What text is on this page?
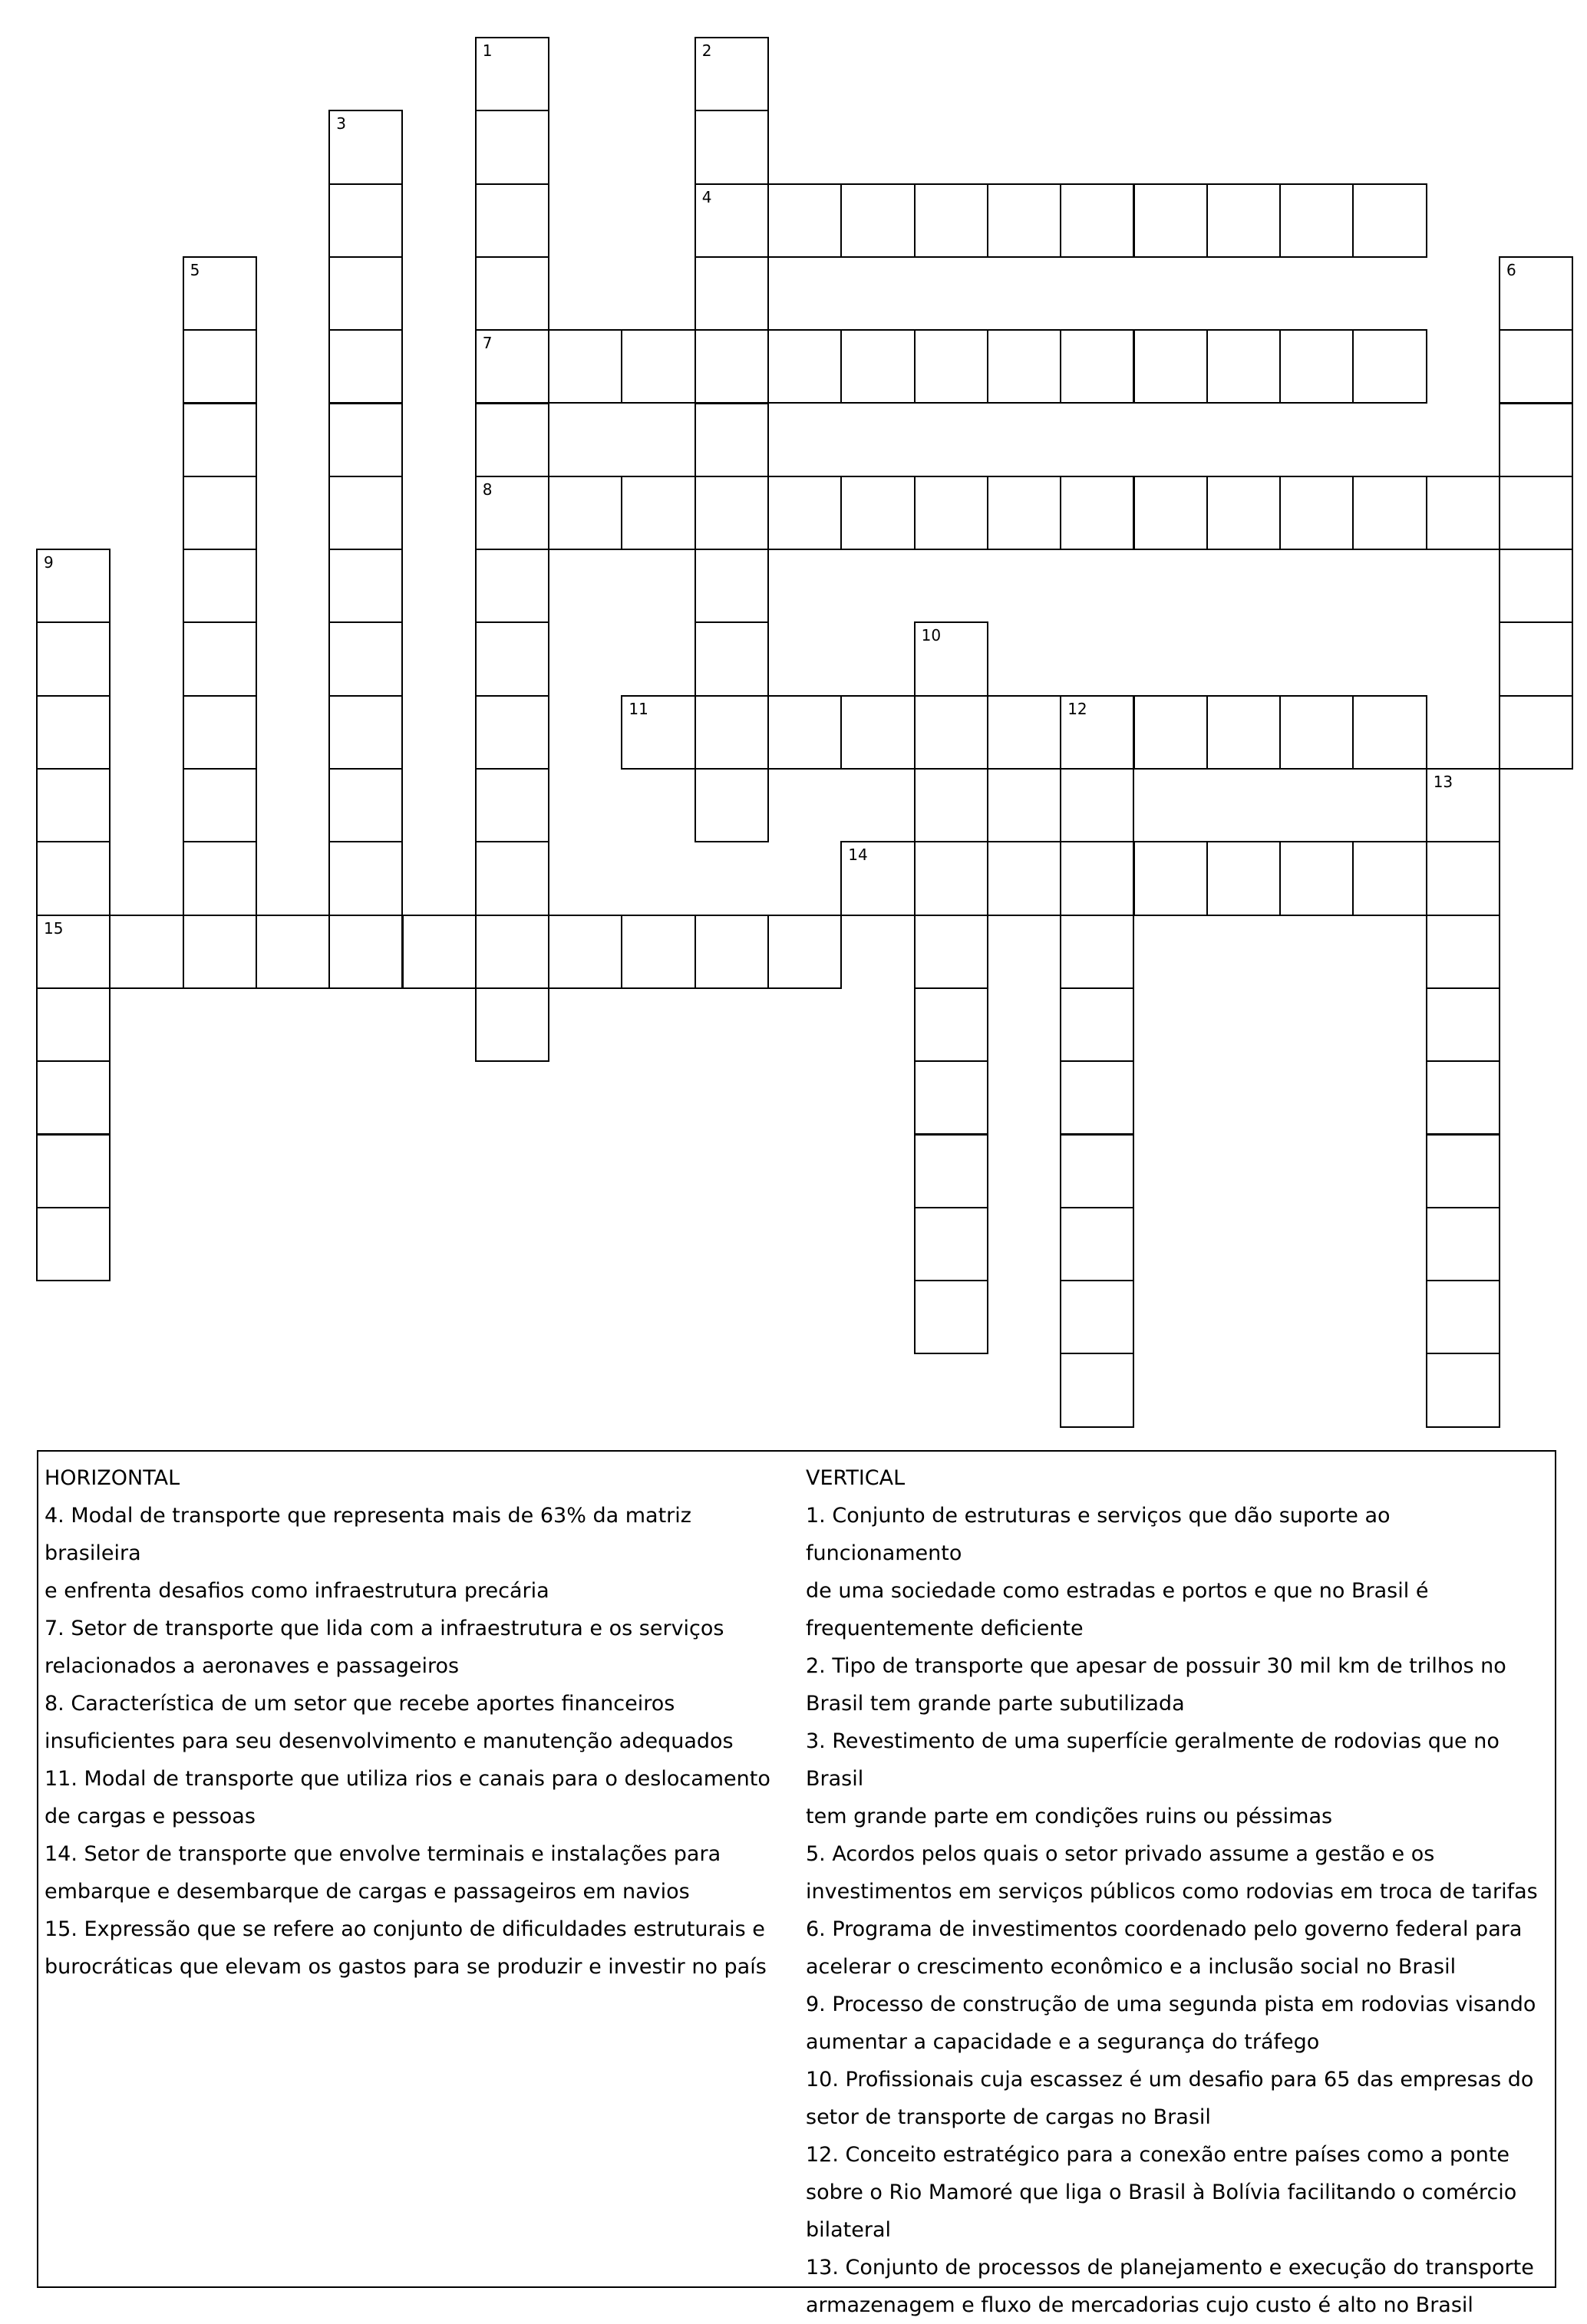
1
7
8
2
4
3
5	6
9
15
10
11	12
13
14
HORIZONTAL
4. Modal de transporte que representa mais de 63% da matriz brasileira
e enfrenta desafios como infraestrutura precária
7. Setor de transporte que lida com a infraestrutura e os serviços
relacionados a aeronaves e passageiros
8. Característica de um setor que recebe aportes financeiros
insuficientes para seu desenvolvimento e manutenção adequados
11. Modal de transporte que utiliza rios e canais para o deslocamento
de cargas e pessoas
14. Setor de transporte que envolve terminais e instalações para
embarque e desembarque de cargas e passageiros em navios
15. Expressão que se refere ao conjunto de dificuldades estruturais e
burocráticas que elevam os gastos para se produzir e investir no país
VERTICAL
1. Conjunto de estruturas e serviços que dão suporte ao funcionamento
de uma sociedade como estradas e portos e que no Brasil é
frequentemente deficiente
2. Tipo de transporte que apesar de possuir 30 mil km de trilhos no
Brasil tem grande parte subutilizada
3. Revestimento de uma superfície geralmente de rodovias que no Brasil
tem grande parte em condições ruins ou péssimas
5. Acordos pelos quais o setor privado assume a gestão e os
investimentos em serviços públicos como rodovias em troca de tarifas
6. Programa de investimentos coordenado pelo governo federal para
acelerar o crescimento econômico e a inclusão social no Brasil
9. Processo de construção de uma segunda pista em rodovias visando
aumentar a capacidade e a segurança do tráfego
10. Profissionais cuja escassez é um desafio para 65 das empresas do
setor de transporte de cargas no Brasil
12. Conceito estratégico para a conexão entre países como a ponte
sobre o Rio Mamoré que liga o Brasil à Bolívia facilitando o comércio
bilateral
13. Conjunto de processos de planejamento e execução do transporte
armazenagem e fluxo de mercadorias cujo custo é alto no Brasil
